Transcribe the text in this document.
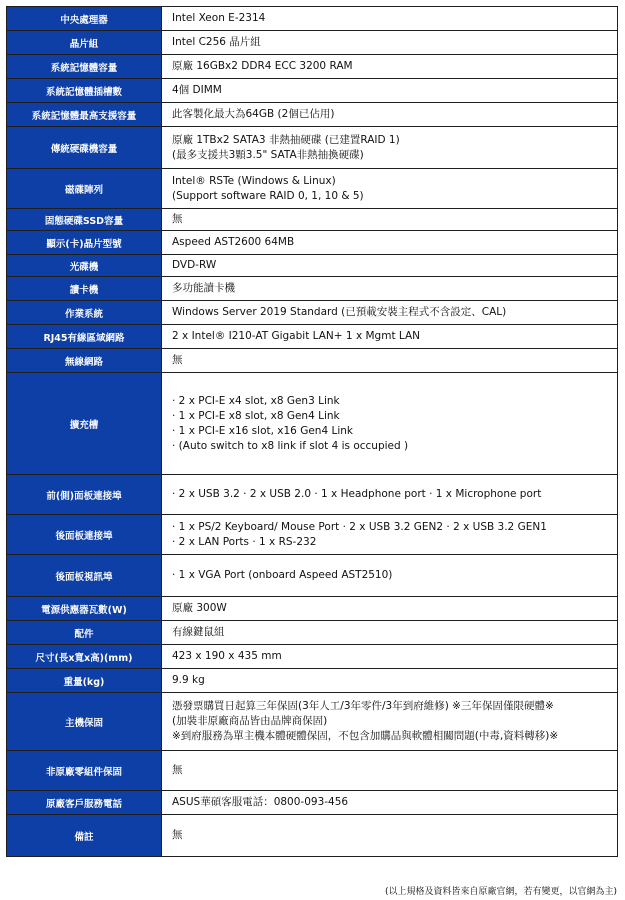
中央處理器	Intel Xeon E-2314

晶片組	Intel C256 晶片組

系統記憶體容量	原廠 16GBx2 DDR4 ECC 3200 RAM

系統記憶體插槽數	4個 DIMM

系統記憶體最高支援容量	此客製化最大為64GB (2個已佔用)

傳統硬碟機容量	原廠 1TBx2 SATA3 非熱抽硬碟 (已建置RAID 1)
(最多支援共3顆3.5" SATA非熱抽換硬碟)

磁碟陣列	Intel® RSTe (Windows & Linux)
(Support software RAID 0, 1, 10 & 5)

固態硬碟SSD容量	無

顯示(卡)晶片型號	Aspeed AST2600 64MB

光碟機	DVD-RW

讀卡機	多功能讀卡機

作業系統	Windows Server 2019 Standard (已預載安裝主程式不含設定、CAL)

RJ45有線區域網路	2 x Intel® I210-AT Gigabit LAN+ 1 x Mgmt LAN

無線網路	無

擴充槽	· 2 x PCI-E x4 slot, x8 Gen3 Link
· 1 x PCI-E x8 slot, x8 Gen4 Link
· 1 x PCI-E x16 slot, x16 Gen4 Link
· (Auto switch to x8 link if slot 4 is occupied )

前(側)面板連接埠	· 2 x USB 3.2 · 2 x USB 2.0 · 1 x Headphone port · 1 x Microphone port

後面板連接埠	· 1 x PS/2 Keyboard/ Mouse Port · 2 x USB 3.2 GEN2 · 2 x USB 3.2 GEN1
· 2 x LAN Ports · 1 x RS-232

後面板視訊埠	· 1 x VGA Port (onboard Aspeed AST2510)

電源供應器瓦數(W)	原廠 300W

配件	有線鍵鼠組

尺寸(長x寬x高)(mm)	423 x 190 x 435 mm

重量(kg)	9.9 kg

主機保固	憑發票購買日起算三年保固(3年人工/3年零件/3年到府維修) ※三年保固僅限硬體※
(加裝非原廠商品皆由品牌商保固)
※到府服務為單主機本體硬體保固，不包含加購品與軟體相關問題(中毒,資料轉移)※

非原廠零組件保固	無

原廠客戶服務電話	ASUS華碩客服電話：0800-093-456

備註	無
(以上規格及資料皆來自原廠官網，若有變更，以官網為主)
